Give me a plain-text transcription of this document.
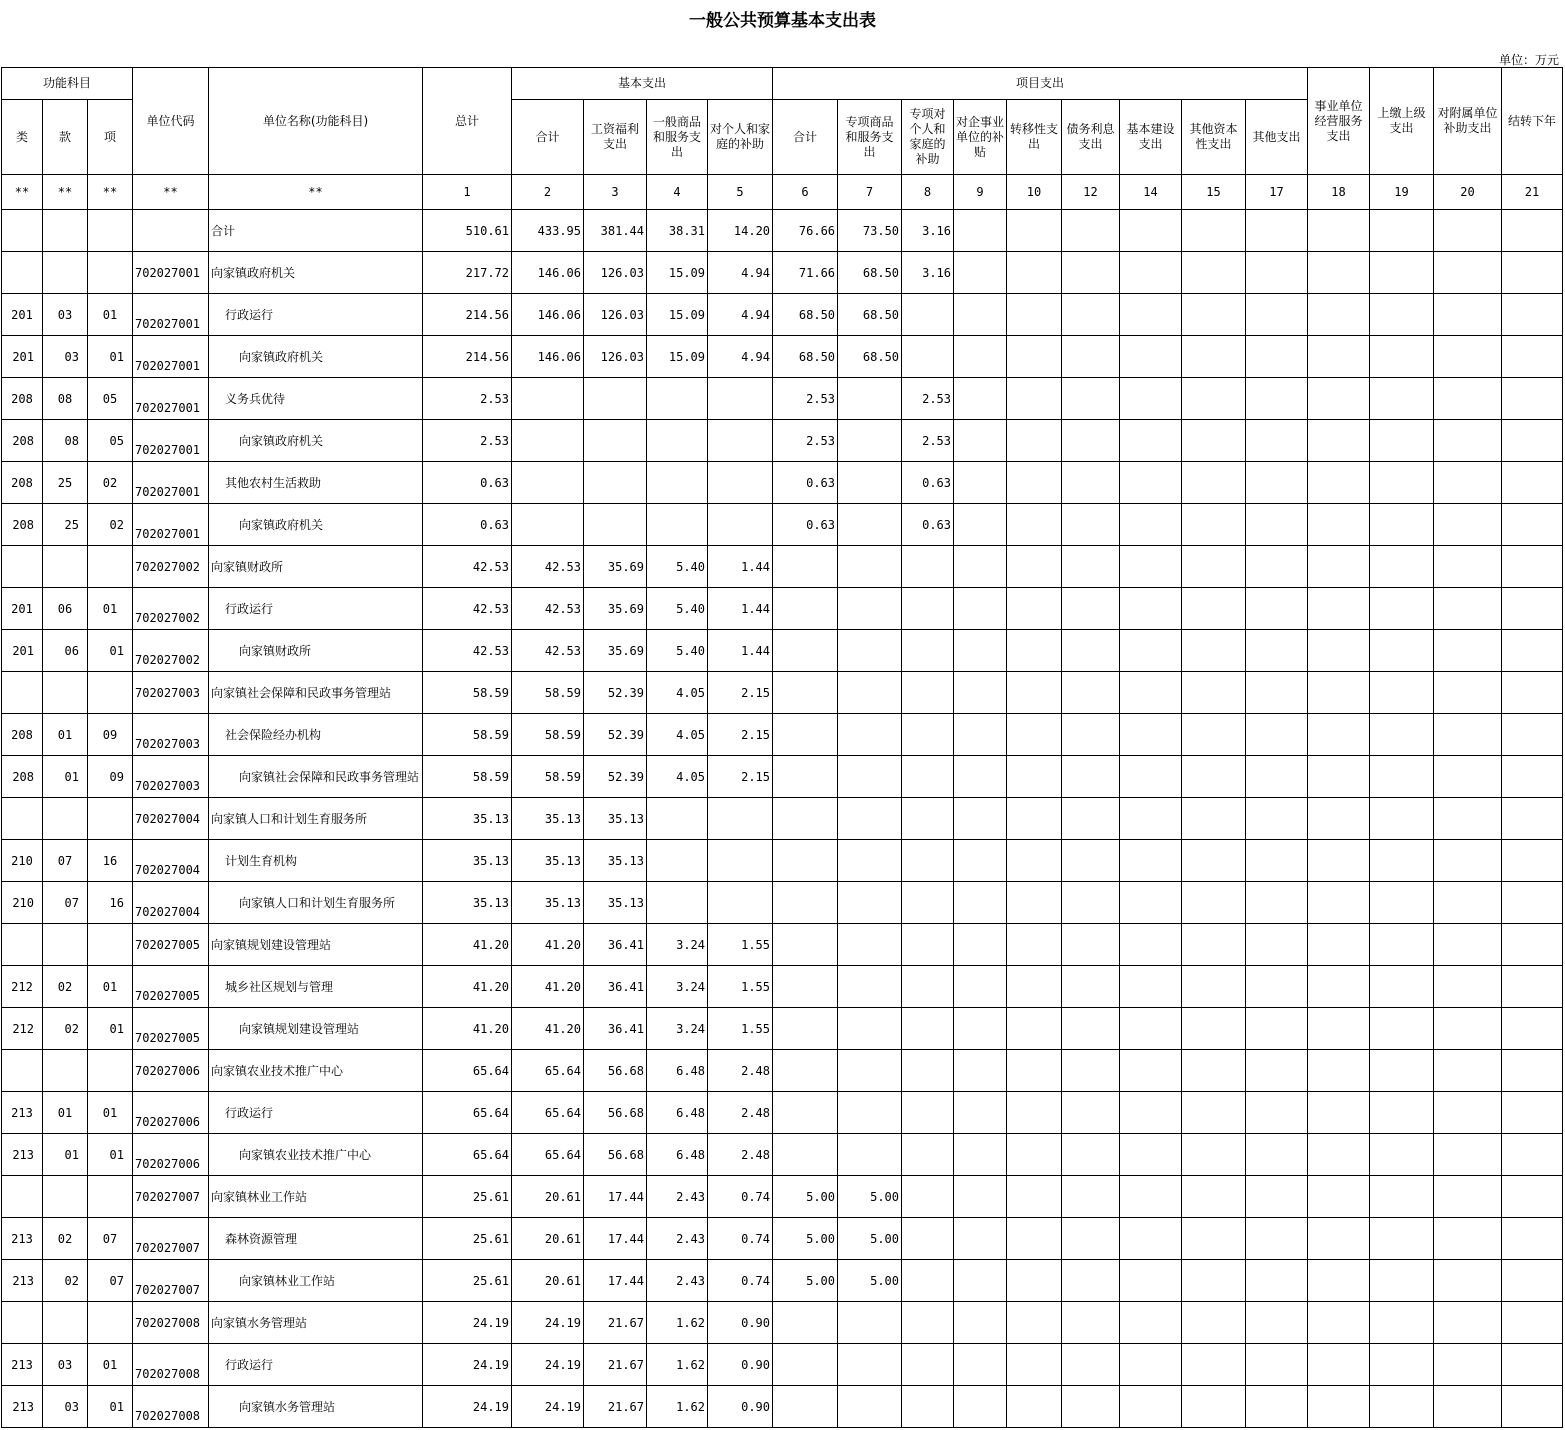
一般公共预算基本支出表
单位：万元
功能科目			单位代码	单位名称(功能科目)	总计	基本支出				项目支出									事业单位经营服务支出	上缴上级支出	对附属单位补助支出	结转下年
类	款	项				合计	工资福利支出	一般商品和服务支出	对个人和家庭的补助	合计	专项商品和服务支出	专项对个人和家庭的补助	对企事业单位的补贴	转移性支出	债务利息支出	基本建设支出	其他资本性支出	其他支出				
**	**	**	**	**	1	2	3	4	5	6	7	8	9	10	12	14	15	17	18	19	20	21
				合计	510.61	433.95	381.44	38.31	14.20	76.66	73.50	3.16										
			702027001	向家镇政府机关	217.72	146.06	126.03	15.09	4.94	71.66	68.50	3.16										
201	03	01	702027001	行政运行	214.56	146.06	126.03	15.09	4.94	68.50	68.50											
201	03	01	702027001	向家镇政府机关	214.56	146.06	126.03	15.09	4.94	68.50	68.50											
208	08	05	702027001	义务兵优待	2.53					2.53		2.53										
208	08	05	702027001	向家镇政府机关	2.53					2.53		2.53										
208	25	02	702027001	其他农村生活救助	0.63					0.63		0.63										
208	25	02	702027001	向家镇政府机关	0.63					0.63		0.63										
			702027002	向家镇财政所	42.53	42.53	35.69	5.40	1.44													
201	06	01	702027002	行政运行	42.53	42.53	35.69	5.40	1.44													
201	06	01	702027002	向家镇财政所	42.53	42.53	35.69	5.40	1.44													
			702027003	向家镇社会保障和民政事务管理站	58.59	58.59	52.39	4.05	2.15													
208	01	09	702027003	社会保险经办机构	58.59	58.59	52.39	4.05	2.15													
208	01	09	702027003	向家镇社会保障和民政事务管理站	58.59	58.59	52.39	4.05	2.15													
			702027004	向家镇人口和计划生育服务所	35.13	35.13	35.13															
210	07	16	702027004	计划生育机构	35.13	35.13	35.13															
210	07	16	702027004	向家镇人口和计划生育服务所	35.13	35.13	35.13															
			702027005	向家镇规划建设管理站	41.20	41.20	36.41	3.24	1.55													
212	02	01	702027005	城乡社区规划与管理	41.20	41.20	36.41	3.24	1.55													
212	02	01	702027005	向家镇规划建设管理站	41.20	41.20	36.41	3.24	1.55													
			702027006	向家镇农业技术推广中心	65.64	65.64	56.68	6.48	2.48													
213	01	01	702027006	行政运行	65.64	65.64	56.68	6.48	2.48													
213	01	01	702027006	向家镇农业技术推广中心	65.64	65.64	56.68	6.48	2.48													
			702027007	向家镇林业工作站	25.61	20.61	17.44	2.43	0.74	5.00	5.00											
213	02	07	702027007	森林资源管理	25.61	20.61	17.44	2.43	0.74	5.00	5.00											
213	02	07	702027007	向家镇林业工作站	25.61	20.61	17.44	2.43	0.74	5.00	5.00											
			702027008	向家镇水务管理站	24.19	24.19	21.67	1.62	0.90													
213	03	01	702027008	行政运行	24.19	24.19	21.67	1.62	0.90													
213	03	01	702027008	向家镇水务管理站	24.19	24.19	21.67	1.62	0.90													
